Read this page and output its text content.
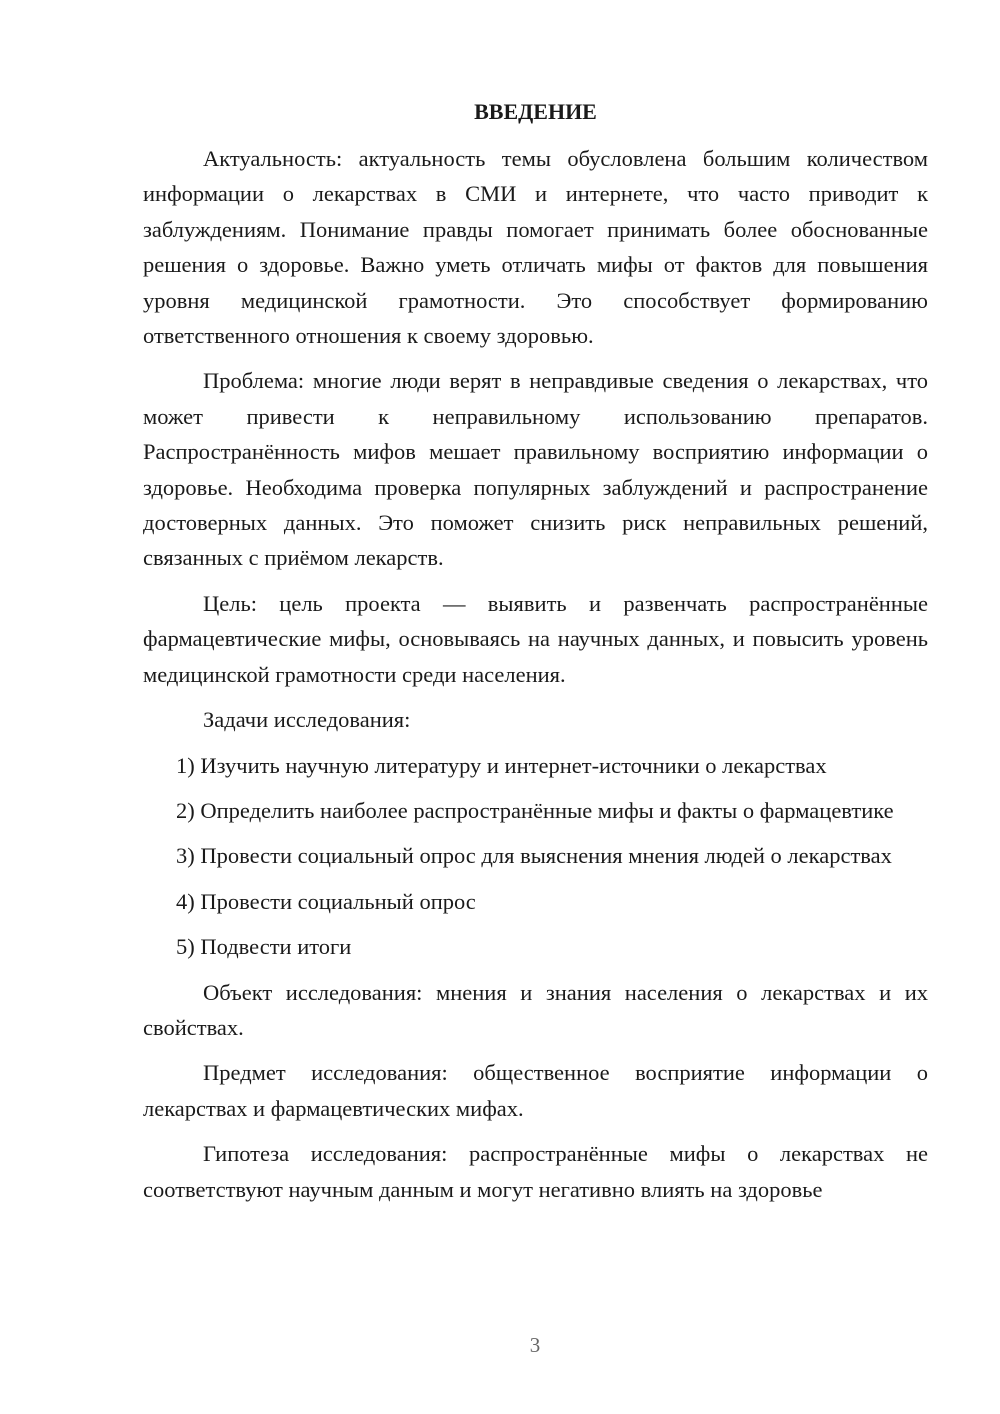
ВВЕДЕНИЕ

Актуальность: актуальность темы обусловлена большим количеством информации о лекарствах в СМИ и интернете, что часто приводит к заблуждениям. Понимание правды помогает принимать более обоснованные решения о здоровье. Важно уметь отличать мифы от фактов для повышения уровня медицинской грамотности. Это способствует формированию ответственного отношения к своему здоровью.

Проблема: многие люди верят в неправдивые сведения о лекарствах, что может привести к неправильному использованию препаратов. Распространённость мифов мешает правильному восприятию информации о здоровье. Необходима проверка популярных заблуждений и распространение достоверных данных. Это поможет снизить риск неправильных решений, связанных с приёмом лекарств.

Цель: цель проекта — выявить и развенчать распространённые фармацевтические мифы, основываясь на научных данных, и повысить уровень медицинской грамотности среди населения.

Задачи исследования:

1) Изучить научную литературу и интернет-источники о лекарствах

2) Определить наиболее распространённые мифы и факты о фармацевтике

3) Провести социальный опрос для выяснения мнения людей о лекарствах

4) Провести социальный опрос

5) Подвести итоги

Объект исследования: мнения и знания населения о лекарствах и их свойствах.

Предмет исследования: общественное восприятие информации о лекарствах и фармацевтических мифах.

Гипотеза исследования: распространённые мифы о лекарствах не соответствуют научным данным и могут негативно влиять на здоровье

3
